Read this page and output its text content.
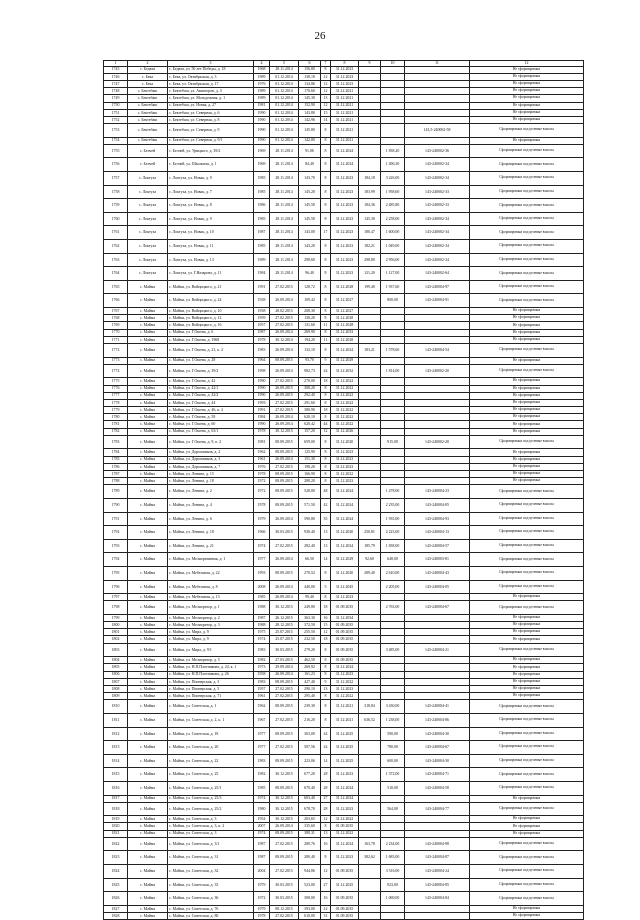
26
1	2	3	4	5	6	7	8	9	10	11	12
1745	с. Бедюм	с. Бедюм, ул. 50 лет Победы, д. 18	1968	28.11.2014	156,80	8	31.12.2023				Не сформирована
1746	с. Бека	с. Бека, ул. Октябрьская, д. 3	1989	01.12.2014	138,18	12	31.12.2023				Не сформирована
1747	с. Бека	с. Бека, ул. Октябрьская, д. 17	1976	01.12.2014	134,86	12	31.12.2023				Не сформирована
1748	с. Бектебаш	с. Бектебаш, ул. Авиаторов, д. 3	1989	01.12.2014	170,60	12	31.12.2021				Не сформирована
1749	с. Бектебаш	с. Бектебаш, ул. Молодежная, д. 1	1989	01.12.2014	145,30	13	31.12.2021				Не сформирована
1750	с. Бектебаш	с. Бектебаш, ул. Новая, д. 27	1981	01.12.2014	152,90	12	31.12.2021				Не сформирована
1751	с. Бектебаш	с. Бектебаш, ул. Северная, д. 6	1990	01.12.2014	143,80	15	31.12.2021				Не сформирована
1752	с. Бектебаш	с. Бектебаш, ул. Северная, д. 8	1990	01.12.2014	142,96	14	31.12.2021				Не сформирована
1753	с. Бектебаш	с. Бектебаш, ул. Северная, д. 9	1990	01.12.2014	145,80	8	31.12.2021			143,5-240002-58	Сформирована под целевые взносы
1754	с. Бектебаш	с. Бектебаш, ул. Северная, д. 9/1	1990	01.12.2014	142,80	8	31.12.2021				Не сформирована
1755	с. Белчей	с. Белчей, ул. Урицкого, д. 39/2	1969	28.11.2014	91,06	8	31.12.2024		1 838,20	143-240002-36	Сформирована под целевые взносы
1756	с. Белчей	с. Белчей, ул. Школьная, д. 1	1969	28.11.2014	84,40	8	31.12.2024		1 496,30	143-240002-34	Сформирована под целевые взносы
1757	с. Локтуха	с. Локтуха, ул. Новая, д. 9	1985	28.11.2014	143,70	8	31.12.2023	184,18	3 226,00	143-240002-34	Сформирована под целевые взносы
1758	с. Локтуха	с. Локтуха, ул. Новая, д. 7	1985	28.11.2014	145,20	8	31.12.2023	183,99	1 958,60	143-240002-33	Сформирована под целевые взносы
1759	с. Локтуха	с. Локтуха, ул. Новая, д. 8	1986	28.11.2014	145,50	8	31.12.2023	184,36	2 485,80	143-240002-33	Сформирована под целевые взносы
1760	с. Локтуха	с. Локтуха, ул. Новая, д. 9	1985	28.11.2014	145,50	8	31.12.2023	145,30	2 258,00	143-240002-34	Сформирована под целевые взносы
1761	с. Локтуха	с. Локтуха, ул. Новая, д. 10	1987	28.11.2014	143,00	17	31.12.2023	180,47	1 600,00	143-240002-34	Сформирована под целевые взносы
1762	с. Локтуха	с. Локтуха, ул. Новая, д. 11	1985	28.11.2014	143,20	8	31.12.2023	182,21	1 049,00	143-240002-34	Сформирована под целевые взносы
1763	с. Локтуха	с. Локтуха, ул. Новая, д. 13	1989	28.11.2014	298,60	8	31.12.2023	298,80	2 956,00	143-240002-34	Сформирована под целевые взносы
1764	с. Локтуха	с. Локтуха, ул. Г.Назарова, д. 11	1984	28.11.2014	96,40	8	31.12.2023	121,20	1 127,00	143-240002-64	Сформирована под целевые взносы
1765	с. Майма	с. Майма, ул. Войцицкого, д. 21	1991	27.02.2015	128,72	8	31.12.2028	199,40	1 937,60	143-240004-97	Сформирована под целевые взносы
1766	с. Майма	с. Майма, ул. Войцицкого, д. 24	1938	26.09.2014	109,42	8	31.12.2027		800,00	143-240004-91	Сформирована под целевые взносы
1767	с. Майма	с. Майма, ул. Войцицкого, д. 10	1938	28.02.2015	208,30	8	31.12.2027				Не сформирована
1768	с. Майма	с. Майма, ул. Войцицкого, д. 12	1959	27.02.2015	130,20	8	31.12.2028				Не сформирована
1769	с. Майма	с. Майма, ул. Войцицкого, д. 16	1957	27.02.2015	131,60	11	31.12.2028				Не сформирована
1770	с. Майма	с. Майма, ул. Г.Ошева, д. 6	1987	26.09.2014	269,90	8	31.12.2033				Не сформирована
1771	с. Майма	с. Майма, ул. Г.Ошева, д. 1968	1978	30.12.2014	194,20	11	31.12.2028				Не сформирована
1772	с. Майма	с. Майма, ул. Г.Ошева, д. 21, к. 2	1983	26.09.2014	132,10	8	31.12.2024	183,21	1 578,60	143-240004-54	Сформирована под целевые взносы
1773	с. Майма	с. Майма, ул. Г.Ошева, д. 28	1964	08.09.2015	93,70	9	31.12.2029				Не сформирована
1774	с. Майма	с. Майма, ул. Г.Ошева, д. 39/2	1998	26.09.2014	982,73	24	31.12.2032		1 814,00	143-240002-20	Сформирована под целевые взносы
1775	с. Майма	с. Майма, ул. Г.Ошева, д. 42	1990	27.02.2015	270,00	18	31.12.2022				Не сформирована
1776	с. Майма	с. Майма, ул. Г.Ошева, д. 42/1	1990	26.09.2015	308,20	8	31.12.2022				Не сформирована
1777	с. Майма	с. Майма, ул. Г.Ошева, д. 42/2	1990	26.09.2015	292,40	8	31.12.2022				Не сформирована
1778	с. Майма	с. Майма, ул. Г.Ошева, д. 44	1993	27.02.2015	291,60	8	31.12.2022				Не сформирована
1779	с. Майма	с. Майма, ул. Г.Ошева, д. 46, к. 2	1991	27.02.2015	380,90	18	31.12.2022				Не сформирована
1780	с. Майма	с. Майма, ул. Г.Ошева, д. 58	1984	26.09.2014	620,10	8	31.12.2022				Не сформирована
1781	с. Майма	с. Майма, ул. Г.Ошева, д. 60	1990	26.09.2014	620,42	44	31.12.2022				Не сформирована
1782	с. Майма	с. Майма, ул. Г.Ошева, д. 63/1	1978	30.12.2015	157,20	12	31.12.2026				Не сформирована
1783	с. Майма	с. Майма, ул. Г.Ошева, д. 9, к. 2	1981	08.09.2015	659,00	8	31.12.2020		915,00	143-240002-20	Сформирована под целевые взносы
1784	с. Майма	с. Майма, ул. Дорожников, д. 2	1962	08.09.2015	125,90	8	31.12.2023				Не сформирована
1785	с. Майма	с. Майма, ул. Дорожников, д. 3	1961	26.09.2014	151,30	8	31.12.2023				Не сформирована
1786	с. Майма	с. Майма, ул. Дорожников, д. 7	1976	27.02.2015	198,20	8	31.12.2023				Не сформирована
1787	с. Майма	с. Майма, ул. Ленина, д. 15	1978	08.09.2015	166,90	8	31.12.2022				Не сформирована
1788	с. Майма	с. Майма, ул. Ленина, д. 18	1972	08.09.2015	288,20	8	31.12.2023				Не сформирована
1789	с. Майма	с. Майма, ул. Ленина, д. 2	1972	08.09.2015	528,80	48	31.12.2024		1 478,00	143-240004-23	Сформирована под целевые взносы
1790	с. Майма	с. Майма, ул. Ленина, д. 4	1978	08.09.2015	571,50	42	31.12.2024		2 235,00	143-240004-05	Сформирована под целевые взносы
1791	с. Майма	с. Майма, ул. Ленина, д. 6	1979	26.09.2014	590,80	35	31.12.2024		1 935,00	143-240004-93	Сформирована под целевые взносы
1792	с. Майма	с. Майма, ул. Ленина, д. 18	1966	30.03.2015	930,40	13	31.12.2020	250,81	2 223,00	143-240004-13	Сформирована под целевые взносы
1793	с. Майма	с. Майма, ул. Ленина, д. 21	1974	27.02.2015	282,40	13	31.12.2024	185,79	1 838,00	143-240004-57	Сформирована под целевые взносы
1794	с. Майма	с. Майма, ул. Мелиоративная, д. 1	1977	26.09.2014	66,50	14	31.12.2029	92,60	648,00	143-240003-81	Сформирована под целевые взносы
1795	с. Майма	с. Майма, ул. Мебельная, д. 22	1993	08.09.2015	270,52	8	31.12.2020	289,40	2 610,00	143-240004-43	Сформирована под целевые взносы
1796	с. Майма	с. Майма, ул. Мебельная, д. 8	2008	26.09.2014	440,00	5	31.12.2045		2 205,00	143-240004-05	Сформирована под целевые взносы
1797	с. Майма	с. Майма, ул. Мебельная, д. 13	1985	26.09.2014	99,40	8	31.12.2023				Не сформирована
1798	с. Майма	с. Майма, ул. Мелиоратор, д. 1	1988	30.12.2015	249,80	18	01.09.2035		2 763,00	143-240004-67	Сформирована под целевые взносы
1799	с. Майма	с. Майма, ул. Мелиоратор, д. 2	1987	26.12.2015	363,30	16	31.12.2034				Не сформирована
1800	с. Майма	с. Майма, ул. Мелиоратор, д. 3	1988	28.12.2015	372,50	15	01.09.2035				Не сформирована
1801	с. Майма	с. Майма, ул. Мира, д. 9	1975	25.07.2015	255,50	12	01.09.2035				Не сформирована
1802	с. Майма	с. Майма, ул. Мира, д. 9	1974	25.07.2015	232,50	18	01.09.2035				Не сформирована
1803	с. Майма	с. Майма, ул. Мира, д. 9/1	1983	30.03.2015	279,20	8	01.09.2035		3 485,00	143-240004-21	Сформирована под целевые взносы
1804	с. Майма	с. Майма, ул. Мелиоратор, д. 5	1982	27.03.2015	462,50	8	01.09.2035				Не сформирована
1805	с. Майма	с. Майма, ул. Н.П.Плотникова, д. 24, к. 1	1973	29.09.2014	269,92	8	31.12.2024				Не сформирована
1806	с. Майма	с. Майма, ул. Н.П.Плотникова, д. 26	1958	26.09.2014	161,23	8	31.12.2023				Не сформирована
1807	с. Майма	с. Майма, ул. Пионерская, д. 3	1983	08.09.2015	427,40	9	31.12.2022				Не сформирована
1808	с. Майма	с. Майма, ул. Пионерская, д. 5	1957	27.02.2015	290,10	13	31.12.2023				Не сформирована
1809	с. Майма	с. Майма, ул. Пионерская, д. 71	1961	27.02.2015	295,40	8	31.12.2022				Не сформирована
1810	с. Майма	с. Майма, ул. Советская, д. 1	1962	08.09.2015	239,30	8	31.12.2021	318,84	3 430,00	143-240004-41	Сформирована под целевые взносы
1811	с. Майма	с. Майма, ул. Советская, д. 2, к. 1	1967	27.02.2015	216,20	8	31.12.2021	636,52	1 238,00	143-240004-86	Сформирована под целевые взносы
1812	с. Майма	с. Майма, ул. Советская, д. 18	1977	08.09.2015	303,00	24	31.12.2025		590,00	143-240004-30	Сформирована под целевые взносы
1813	с. Майма	с. Майма, ул. Советская, д. 20	1977	27.02.2015	507,56	24	31.12.2025		780,00	143-240004-67	Сформирована под целевые взносы
1814	с. Майма	с. Майма, ул. Советская, д. 22	1983	08.09.2015	223,06	14	31.12.2025		600,00	143-240004-30	Сформирована под целевые взносы
1815	с. Майма	с. Майма, ул. Советская, д. 25	1982	30.12.2015	677,20	28	31.12.2023		1 372,00	143-240004-71	Сформирована под целевые взносы
1816	с. Майма	с. Майма, ул. Советская, д. 25/1	1985	08.09.2015	670,40	28	31.12.2024		510,00	143-240004-58	Сформирована под целевые взносы
1817	с. Майма	с. Майма, ул. Советская, д. 25/3	1974	30.12.2015	603,40	27	31.12.2024				Не сформирована
1818	с. Майма	с. Майма, ул. Советская, д. 25/2	1980	30.12.2015	678,70	28	31.12.2023		564,00	143-240004-77	Сформирована под целевые взносы
1819	с. Майма	с. Майма, ул. Советская, д. 3	1954	30.12.2015	203,65	12	31.12.2022				Не сформирована
1820	с. Майма	с. Майма, ул. Советская, д. 3, к. 2	2007	26.09.2014	335,60	8	01.09.2035				Не сформирована
1821	с. Майма	с. Майма, ул. Советская, д. 3	1974	08.09.2015	388,31	13	31.12.2022				Не сформирована
1822	с. Майма	с. Майма, ул. Советская, д. 3/1	1987	27.02.2015	280,76	16	31.12.2024	163,78	2 234,00	143-240004-98	Сформирована под целевые взносы
1823	с. Майма	с. Майма, ул. Советская, д. 31	1987	08.09.2015	280,40	8	31.12.2023	382,62	1 683,00	143-240004-87	Сформирована под целевые взносы
1824	с. Майма	с. Майма, ул. Советская, д. 32	2004	27.02.2015	944,86	12	01.09.2035		3 516,00	143-240004-24	Сформирована под целевые взносы
1825	с. Майма	с. Майма, ул. Советская, д. 33	1979	30.03.2015	523,00	27	31.12.2025		923,00	143-240004-85	Сформирована под целевые взносы
1826	с. Майма	с. Майма, ул. Советская, д. 36	1972	30.03.2015	308,00	16	01.09.2035		1 069,00	143-240004-84	Сформирована под целевые взносы
1827	с. Майма	с. Майма, ул. Советская, д. 76	1979	08.12.2015	393,00	12	01.09.2035				Не сформирована
1828	с. Майма	с. Майма, ул. Советская, д. 80	1978	27.02.2015	610,00	31	01.09.2035				Не сформирована
